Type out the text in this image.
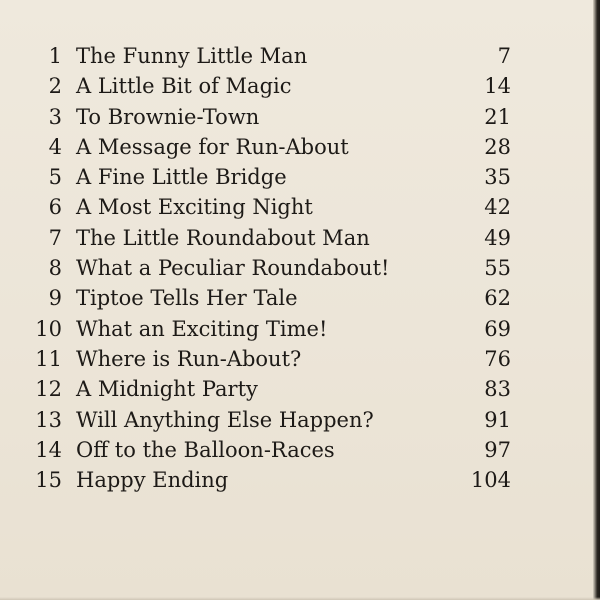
1 The Funny Little Man	7
2 A Little Bit of Magic	14
3 To Brownie-Town	21
4 A Message for Run-About	28
5 A Fine Little Bridge	35
6 A Most Exciting Night	42
7 The Little Roundabout Man	49
8 What a Peculiar Roundabout!	55
9 Tiptoe Tells Her Tale	62
10 What an Exciting Time!	69
11 Where is Run-About?	76
12 A Midnight Party	83
13 Will Anything Else Happen?	91
14 Off to the Balloon-Races	97
15 Happy Ending	104
